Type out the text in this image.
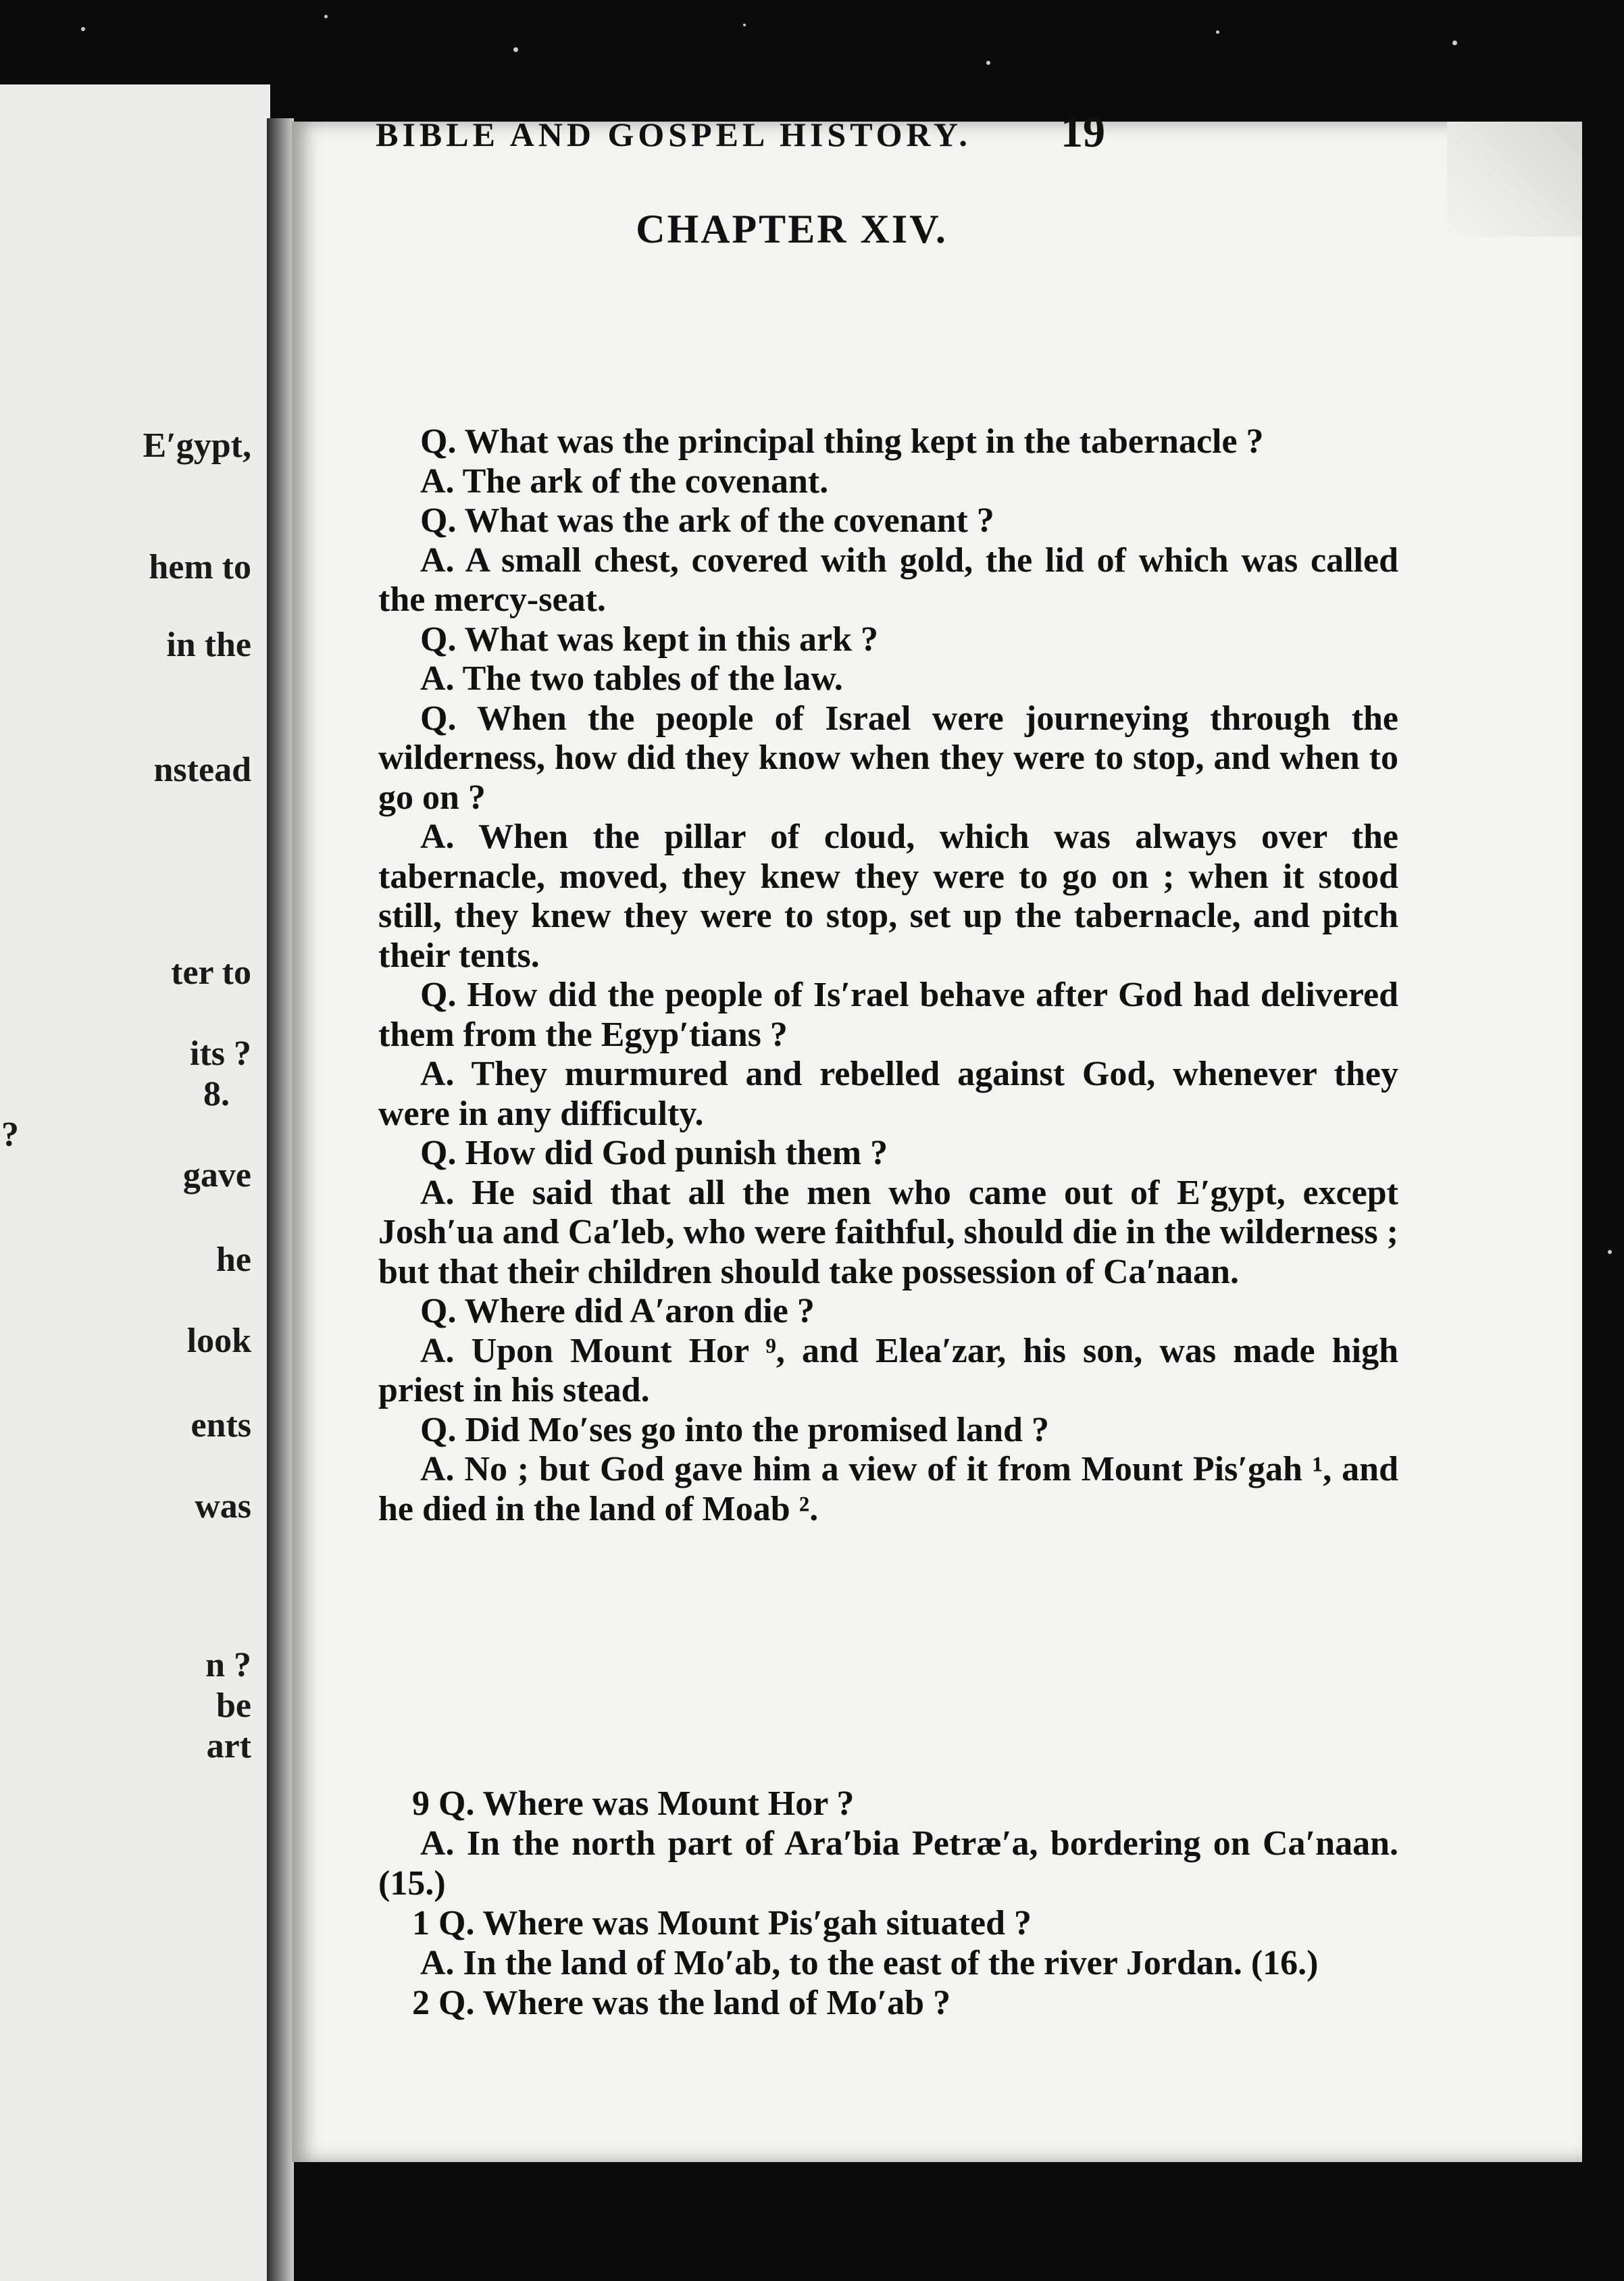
E′gypt,
hem to
in the
nstead
ter to
its ?
8.
?
gave
he
look
ents
was
n ?
be
art

Q. What was the principal thing kept in the tabernacle ?

A. The ark of the covenant.

Q. What was the ark of the covenant ?

A. A small chest, covered with gold, the lid of which was called the mercy-seat.

Q. What was kept in this ark ?

A. The two tables of the law.

Q. When the people of Israel were journeying through the wilderness, how did they know when they were to stop, and when to go on ?

A. When the pillar of cloud, which was always over the tabernacle, moved, they knew they were to go on ; when it stood still, they knew they were to stop, set up the tabernacle, and pitch their tents.

Q. How did the people of Is′rael behave after God had delivered them from the Egyp′tians ?

A. They murmured and rebelled against God, whenever they were in any difficulty.

Q. How did God punish them ?

A. He said that all the men who came out of E′gypt, except Josh′ua and Ca′leb, who were faithful, should die in the wilderness ; but that their children should take possession of Ca′naan.

Q. Where did A′aron die ?

A. Upon Mount Hor ⁹, and Elea′zar, his son, was made high priest in his stead.

Q. Did Mo′ses go into the promised land ?

A. No ; but God gave him a view of it from Mount Pis′gah ¹, and he died in the land of Moab ².

9 Q. Where was Mount Hor ?

A. In the north part of Ara′bia Petræ′a, bordering on Ca′naan. (15.)

1 Q. Where was Mount Pis′gah situated ?

A. In the land of Mo′ab, to the east of the river Jordan. (16.)

2 Q. Where was the land of Mo′ab ?

BIBLE AND GOSPEL HISTORY.	19
CHAPTER XIV.
